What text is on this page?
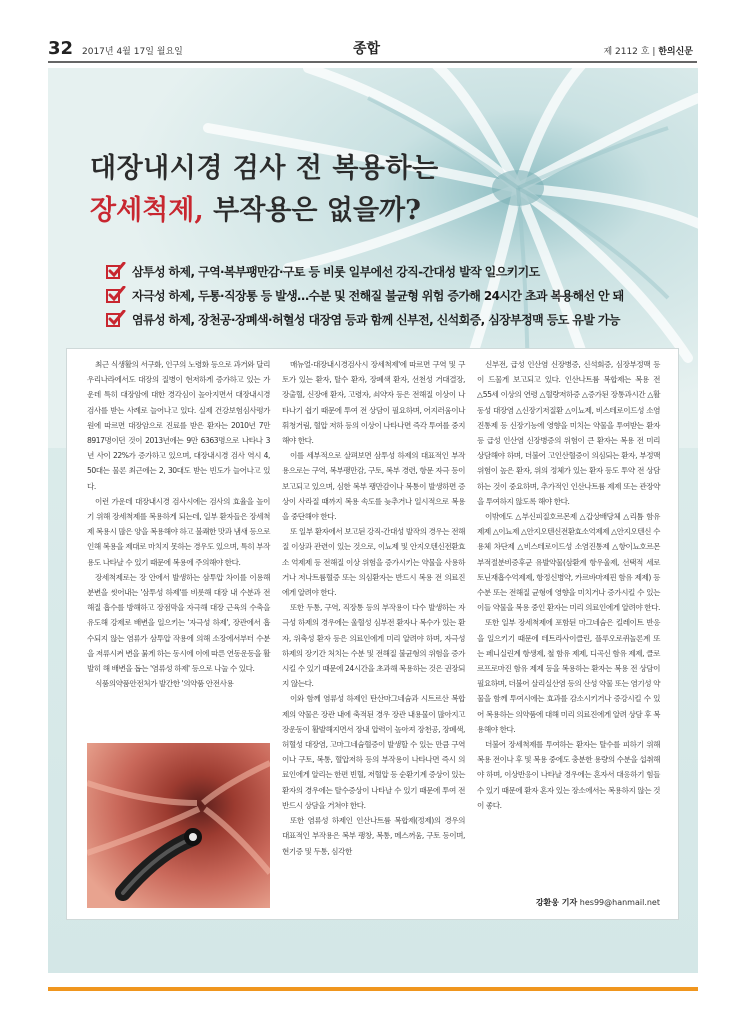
32 2017년 4월 17일 월요일	종합	제 2112 호 | 한의신문
대장내시경 검사 전 복용하는
장세척제, 부작용은 없을까?
삼투성 하제, 구역·복부팽만감·구토 등 비롯 일부에선 강직-간대성 발작 일으키기도
자극성 하제, 두통·직장통 등 발생…수분 및 전해질 불균형 위험 증가해 24시간 초과 복용해선 안 돼
염류성 하제, 장천공·장폐색·허혈성 대장염 등과 함께 신부전, 신석회증, 심장부정맥 등도 유발 가능

최근 식생활의 서구화, 인구의 노령화 등으로 과거와 달리 우리나라에서도 대장의 질병이 현저하게 증가하고 있는 가운데 특히 대장암에 대한 경각심이 높아지면서 대장내시경 검사를 받는 사례로 늘어나고 있다. 실제 건강보험심사평가원에 따르면 대장암으로 진료를 받은 환자는 2010년 7만 8917명이던 것이 2013년에는 9만 6363명으로 나타나 3년 사이 22%가 증가하고 있으며, 대장내시경 검사 역시 4, 50대는 물론 최근에는 2, 30대도 받는 빈도가 늘어나고 있다.

이런 가운데 대장내시경 검사시에는 검사의 효율을 높이기 위해 장세척제를 복용하게 되는데, 일부 환자들은 장세척제 복용시 많은 양을 복용해야 하고 불쾌한 맛과 냄새 등으로 인해 복용을 제대로 마치지 못하는 경우도 있으며, 특히 부작용도 나타날 수 있기 때문에 복용에 주의해야 한다.

장세척제로는 장 안에서 발생하는 삼투압 차이를 이용해 분변을 씻어내는 '삼투성 하제'를 비롯해 대장 내 수분과 전해질 흡수를 방해하고 장점막을 자극해 대장 근육의 수축을 유도해 강제로 배변을 일으키는 '자극성 하제', 장관에서 흡수되지 않는 염류가 삼투압 작용에 의해 소장에서부터 수분을 저류시켜 변을 묽게 하는 동시에 이에 따른 연동운동을 활발히 해 배변을 돕는 '염류성 하제' 등으로 나눌 수 있다.

식품의약품안전처가 발간한 '의약품 안전사용

매뉴얼-대장내시경검사시 장세척제'에 따르면 구역 및 구토가 있는 환자, 탈수 환자, 장폐색 환자, 선천성 거대결장, 장출혈, 신장애 환자, 고령자, 쇠약자 등은 전해질 이상이 나타나기 쉽기 때문에 투여 전 상담이 필요하며, 어지러움이나 휘청거림, 혈압 저하 등의 이상이 나타나면 즉각 투여를 중지해야 한다.

이를 세부적으로 살펴보면 삼투성 하제의 대표적인 부작용으로는 구역, 복부팽만감, 구토, 복부 경련, 항문 자극 등이 보고되고 있으며, 심한 복부 팽만감이나 복통이 발생하면 증상이 사라질 때까지 복용 속도를 늦추거나 일시적으로 복용을 중단해야 한다.

또 일부 환자에서 보고된 강직-간대성 발작의 경우는 전해질 이상과 관련이 있는 것으로, 이뇨제 및 안지오텐신전환효소 억제제 등 전해질 이상 위험을 증가시키는 약물을 사용하거나 저나트륨혈증 또는 의심환자는 반드시 복용 전 의료진에게 알려야 한다.

또한 두통, 구역, 직장통 등의 부작용이 다수 발생하는 자극성 하제의 경우에는 울혈성 심부전 환자나 복수가 있는 환자, 위축성 환자 등은 의료인에게 미리 알려야 하며, 자극성 하제의 장기간 처치는 수분 및 전해질 불균형의 위험을 증가시킬 수 있기 때문에 24시간을 초과해 복용하는 것은 권장되지 않는다.

이와 함께 염류성 하제인 탄산마그네슘과 시트르산 복합제의 약물은 장관 내에 축적된 경우 장관 내용물이 많아지고 장운동이 활발해지면서 장내 압력이 높아져 장천공, 장폐색, 허혈성 대장염, 고마그네슘혈증이 발생할 수 있는 만큼 구역이나 구토, 복통, 혈압저하 등의 부작용이 나타나면 즉시 의료인에게 알리는 한편 빈혈, 저혈압 등 순환기계 증상이 있는 환자의 경우에는 탈수증상이 나타날 수 있기 때문에 투여 전 반드시 상담을 거쳐야 한다.

또한 염류성 하제인 인산나트륨 복합제(정제)의 경우의 대표적인 부작용은 복부 팽창, 복통, 메스꺼움, 구토 등이며, 현기증 및 두통, 심각한

신부전, 급성 인산염 신장병증, 신석회증, 심장부정맥 등이 드물게 보고되고 있다. 인산나트륨 복합제는 복용 전 △55세 이상의 연령 △혈량저하증 △증가된 장통과시간 △활동성 대장염 △신장기저질환 △이뇨제, 비스테로이드성 소염진통제 등 신장기능에 영향을 미치는 약물을 투여받는 환자 등 급성 인산염 신장병증의 위험이 큰 환자는 복용 전 미리 상담해야 하며, 더불어 고인산혈증이 의심되는 환자, 부정맥 위험이 높은 환자, 위의 정체가 있는 환자 등도 투약 전 상담하는 것이 중요하며, 추가적인 인산나트륨 제제 또는 관장약을 투여하지 않도록 해야 한다.

이밖에도 △부신피질호르몬제 △갑상배당체 △리튬 함유 제제 △이뇨제 △안지오텐신전환효소억제제 △안지오텐신 수용체 차단제 △비스테로이드성 소염진통제 △항이뇨호르몬부적절분비증후군 유발약물(삼환계 항우울제, 선택적 세로토닌재흡수억제제, 항정신병약, 카르바마제핀 함유 제제) 등 수분 또는 전해질 균형에 영향을 미치거나 증가시킬 수 있는 이들 약물을 복용 중인 환자는 미리 의료인에게 알려야 한다.

또한 일부 장세척제에 포함된 마그네슘은 킬레이트 반응을 일으키기 때문에 테트라사이클린, 플루오로퀴놀론계 또는 페니실린계 항생제, 철 함유 제제, 디곡신 함유 제제, 클로르프로마진 함유 제제 등을 복용하는 환자는 복용 전 상담이 필요하며, 더불어 살리실산염 등의 산성 약물 또는 염기성 약물을 함께 투여시에는 효과를 감소시키거나 증강시킬 수 있어 복용하는 의약품에 대해 미리 의료진에게 알려 상담 후 복용해야 한다.

더불어 장세척제를 투여하는 환자는 탈수를 피하기 위해 복용 전이나 후 및 복용 중에도 충분한 용량의 수분을 섭취해야 하며, 이상반응이 나타날 경우에는 혼자서 대응하기 힘들 수 있기 때문에 환자 혼자 있는 장소에서는 복용하지 않는 것이 좋다.

강환웅 기자 hes99@hanmail.net
